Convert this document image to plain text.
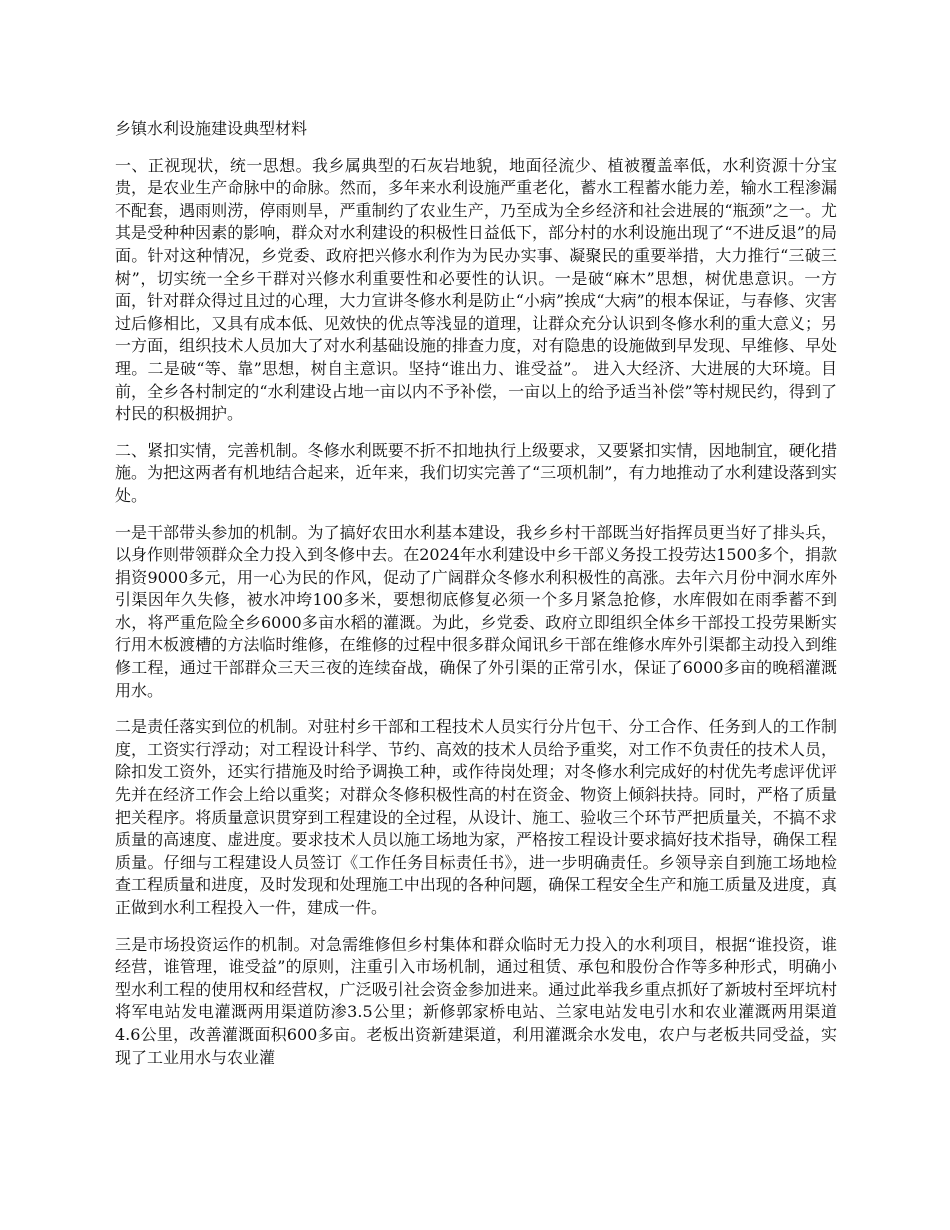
乡镇水利设施建设典型材料

一、正视现状，统一思想。我乡属典型的石灰岩地貌，地面径流少、植被覆盖率低，水利资源十分宝贵，是农业生产命脉中的命脉。然而，多年来水利设施严重老化，蓄水工程蓄水能力差，输水工程渗漏不配套，遇雨则涝，停雨则旱，严重制约了农业生产，乃至成为全乡经济和社会进展的“瓶颈”之一。尤其是受种种因素的影响，群众对水利建设的积极性日益低下，部分村的水利设施出现了“不进反退”的局面。针对这种情况，乡党委、政府把兴修水利作为为民办实事、凝聚民的重要举措，大力推行“三破三树”，切实统一全乡干群对兴修水利重要性和必要性的认识。一是破“麻木”思想，树优患意识。一方面，针对群众得过且过的心理，大力宣讲冬修水利是防止“小病”挨成“大病”的根本保证，与春修、灾害过后修相比，又具有成本低、见效快的优点等浅显的道理，让群众充分认识到冬修水利的重大意义；另一方面，组织技术人员加大了对水利基础设施的排查力度，对有隐患的设施做到早发现、早维修、早处理。二是破“等、靠”思想，树自主意识。坚持“谁出力、谁受益”。 进入大经济、大进展的大环境。目前，全乡各村制定的“水利建设占地一亩以内不予补偿，一亩以上的给予适当补偿”等村规民约，得到了村民的积极拥护。

二、紧扣实情，完善机制。冬修水利既要不折不扣地执行上级要求，又要紧扣实情，因地制宜，硬化措施。为把这两者有机地结合起来，近年来，我们切实完善了“三项机制”，有力地推动了水利建设落到实处。

一是干部带头参加的机制。为了搞好农田水利基本建设，我乡乡村干部既当好指挥员更当好了排头兵，以身作则带领群众全力投入到冬修中去。在2024年水利建设中乡干部义务投工投劳达1500多个，捐款捐资9000多元，用一心为民的作风，促动了广阔群众冬修水利积极性的高涨。去年六月份中洞水库外引渠因年久失修，被水冲垮100多米，要想彻底修复必须一个多月紧急抢修，水库假如在雨季蓄不到水，将严重危险全乡6000多亩水稻的灌溉。为此，乡党委、政府立即组织全体乡干部投工投劳果断实行用木板渡槽的方法临时维修，在维修的过程中很多群众闻讯乡干部在维修水库外引渠都主动投入到维修工程，通过干部群众三天三夜的连续奋战，确保了外引渠的正常引水，保证了6000多亩的晚稻灌溉用水。

二是责任落实到位的机制。对驻村乡干部和工程技术人员实行分片包干、分工合作、任务到人的工作制度，工资实行浮动；对工程设计科学、节约、高效的技术人员给予重奖，对工作不负责任的技术人员，除扣发工资外，还实行措施及时给予调换工种，或作待岗处理；对冬修水利完成好的村优先考虑评优评先并在经济工作会上给以重奖；对群众冬修积极性高的村在资金、物资上倾斜扶持。同时，严格了质量把关程序。将质量意识贯穿到工程建设的全过程，从设计、施工、验收三个环节严把质量关，不搞不求质量的高速度、虚进度。要求技术人员以施工场地为家，严格按工程设计要求搞好技术指导，确保工程质量。仔细与工程建设人员签订《工作任务目标责任书》，进一步明确责任。乡领导亲自到施工场地检查工程质量和进度，及时发现和处理施工中出现的各种问题，确保工程安全生产和施工质量及进度，真正做到水利工程投入一件，建成一件。

三是市场投资运作的机制。对急需维修但乡村集体和群众临时无力投入的水利项目，根据“谁投资，谁经营，谁管理，谁受益”的原则，注重引入市场机制，通过租赁、承包和股份合作等多种形式，明确小型水利工程的使用权和经营权，广泛吸引社会资金参加进来。通过此举我乡重点抓好了新坡村至坪坑村将军电站发电灌溉两用渠道防渗3.5公里；新修郭家桥电站、兰家电站发电引水和农业灌溉两用渠道4.6公里，改善灌溉面积600多亩。老板出资新建渠道，利用灌溉余水发电，农户与老板共同受益，实现了工业用水与农业灌
